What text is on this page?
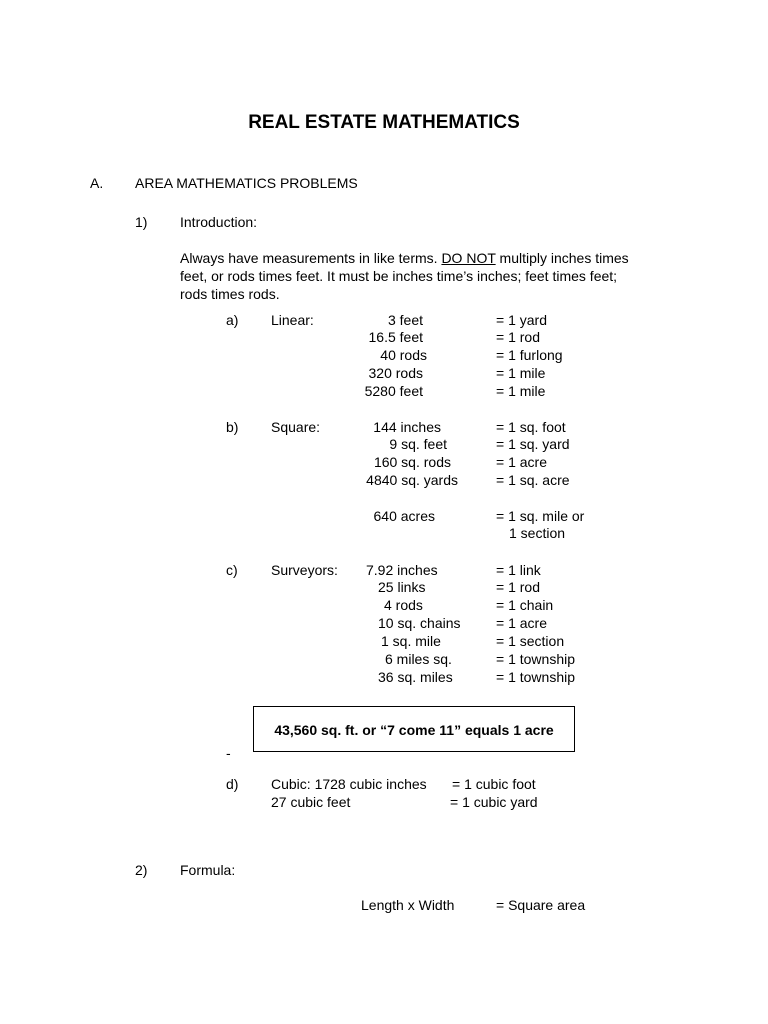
REAL ESTATE MATHEMATICS
A. AREA MATHEMATICS PROBLEMS
1) Introduction:
Always have measurements in like terms. DO NOT multiply inches times
feet, or rods times feet. It must be inches time’s inches; feet times feet;
rods times rods.
a) Linear:	3 feet	= 1 yard
16.5 feet	= 1 rod
40 rods	= 1 furlong
320 rods	= 1 mile
5280 feet	= 1 mile
b) Square:	144 inches	= 1 sq. foot
9 sq. feet	= 1 sq. yard
160 sq. rods	= 1 acre
4840 sq. yards	= 1 sq. acre
640 acres	= 1 sq. mile or
1 section
c) Surveyors: 7.92 inches	= 1 link
25 links	= 1 rod
4 rods	= 1 chain
10 sq. chains	= 1 acre
1 sq. mile	= 1 section
6 miles sq.	= 1 township
36 sq. miles	= 1 township
43,560 sq. ft. or “7 come 11” equals 1 acre
-
d) Cubic: 1728 cubic inches = 1 cubic foot
27 cubic feet	= 1 cubic yard
2) Formula:
Length x Width	= Square area
